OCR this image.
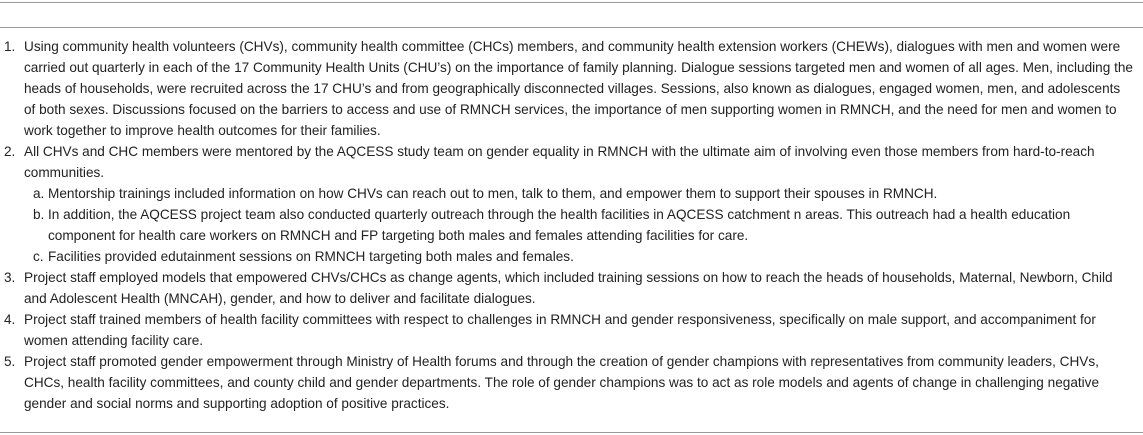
1. Using community health volunteers (CHVs), community health committee (CHCs) members, and community health extension workers (CHEWs), dialogues with men and women were carried out quarterly in each of the 17 Community Health Units (CHU’s) on the importance of family planning. Dialogue sessions targeted men and women of all ages. Men, including the heads of households, were recruited across the 17 CHU’s and from geographically disconnected villages. Sessions, also known as dialogues, engaged women, men, and adolescents of both sexes. Discussions focused on the barriers to access and use of RMNCH services, the importance of men supporting women in RMNCH, and the need for men and women to work together to improve health outcomes for their families.
2. All CHVs and CHC members were mentored by the AQCESS study team on gender equality in RMNCH with the ultimate aim of involving even those members from hard-to-reach communities.
a. Mentorship trainings included information on how CHVs can reach out to men, talk to them, and empower them to support their spouses in RMNCH.
b. In addition, the AQCESS project team also conducted quarterly outreach through the health facilities in AQCESS catchment n areas. This outreach had a health education component for health care workers on RMNCH and FP targeting both males and females attending facilities for care.
c. Facilities provided edutainment sessions on RMNCH targeting both males and females.
3. Project staff employed models that empowered CHVs/CHCs as change agents, which included training sessions on how to reach the heads of households, Maternal, Newborn, Child and Adolescent Health (MNCAH), gender, and how to deliver and facilitate dialogues.
4. Project staff trained members of health facility committees with respect to challenges in RMNCH and gender responsiveness, specifically on male support, and accompaniment for women attending facility care.
5. Project staff promoted gender empowerment through Ministry of Health forums and through the creation of gender champions with representatives from community leaders, CHVs, CHCs, health facility committees, and county child and gender departments. The role of gender champions was to act as role models and agents of change in challenging negative gender and social norms and supporting adoption of positive practices.
